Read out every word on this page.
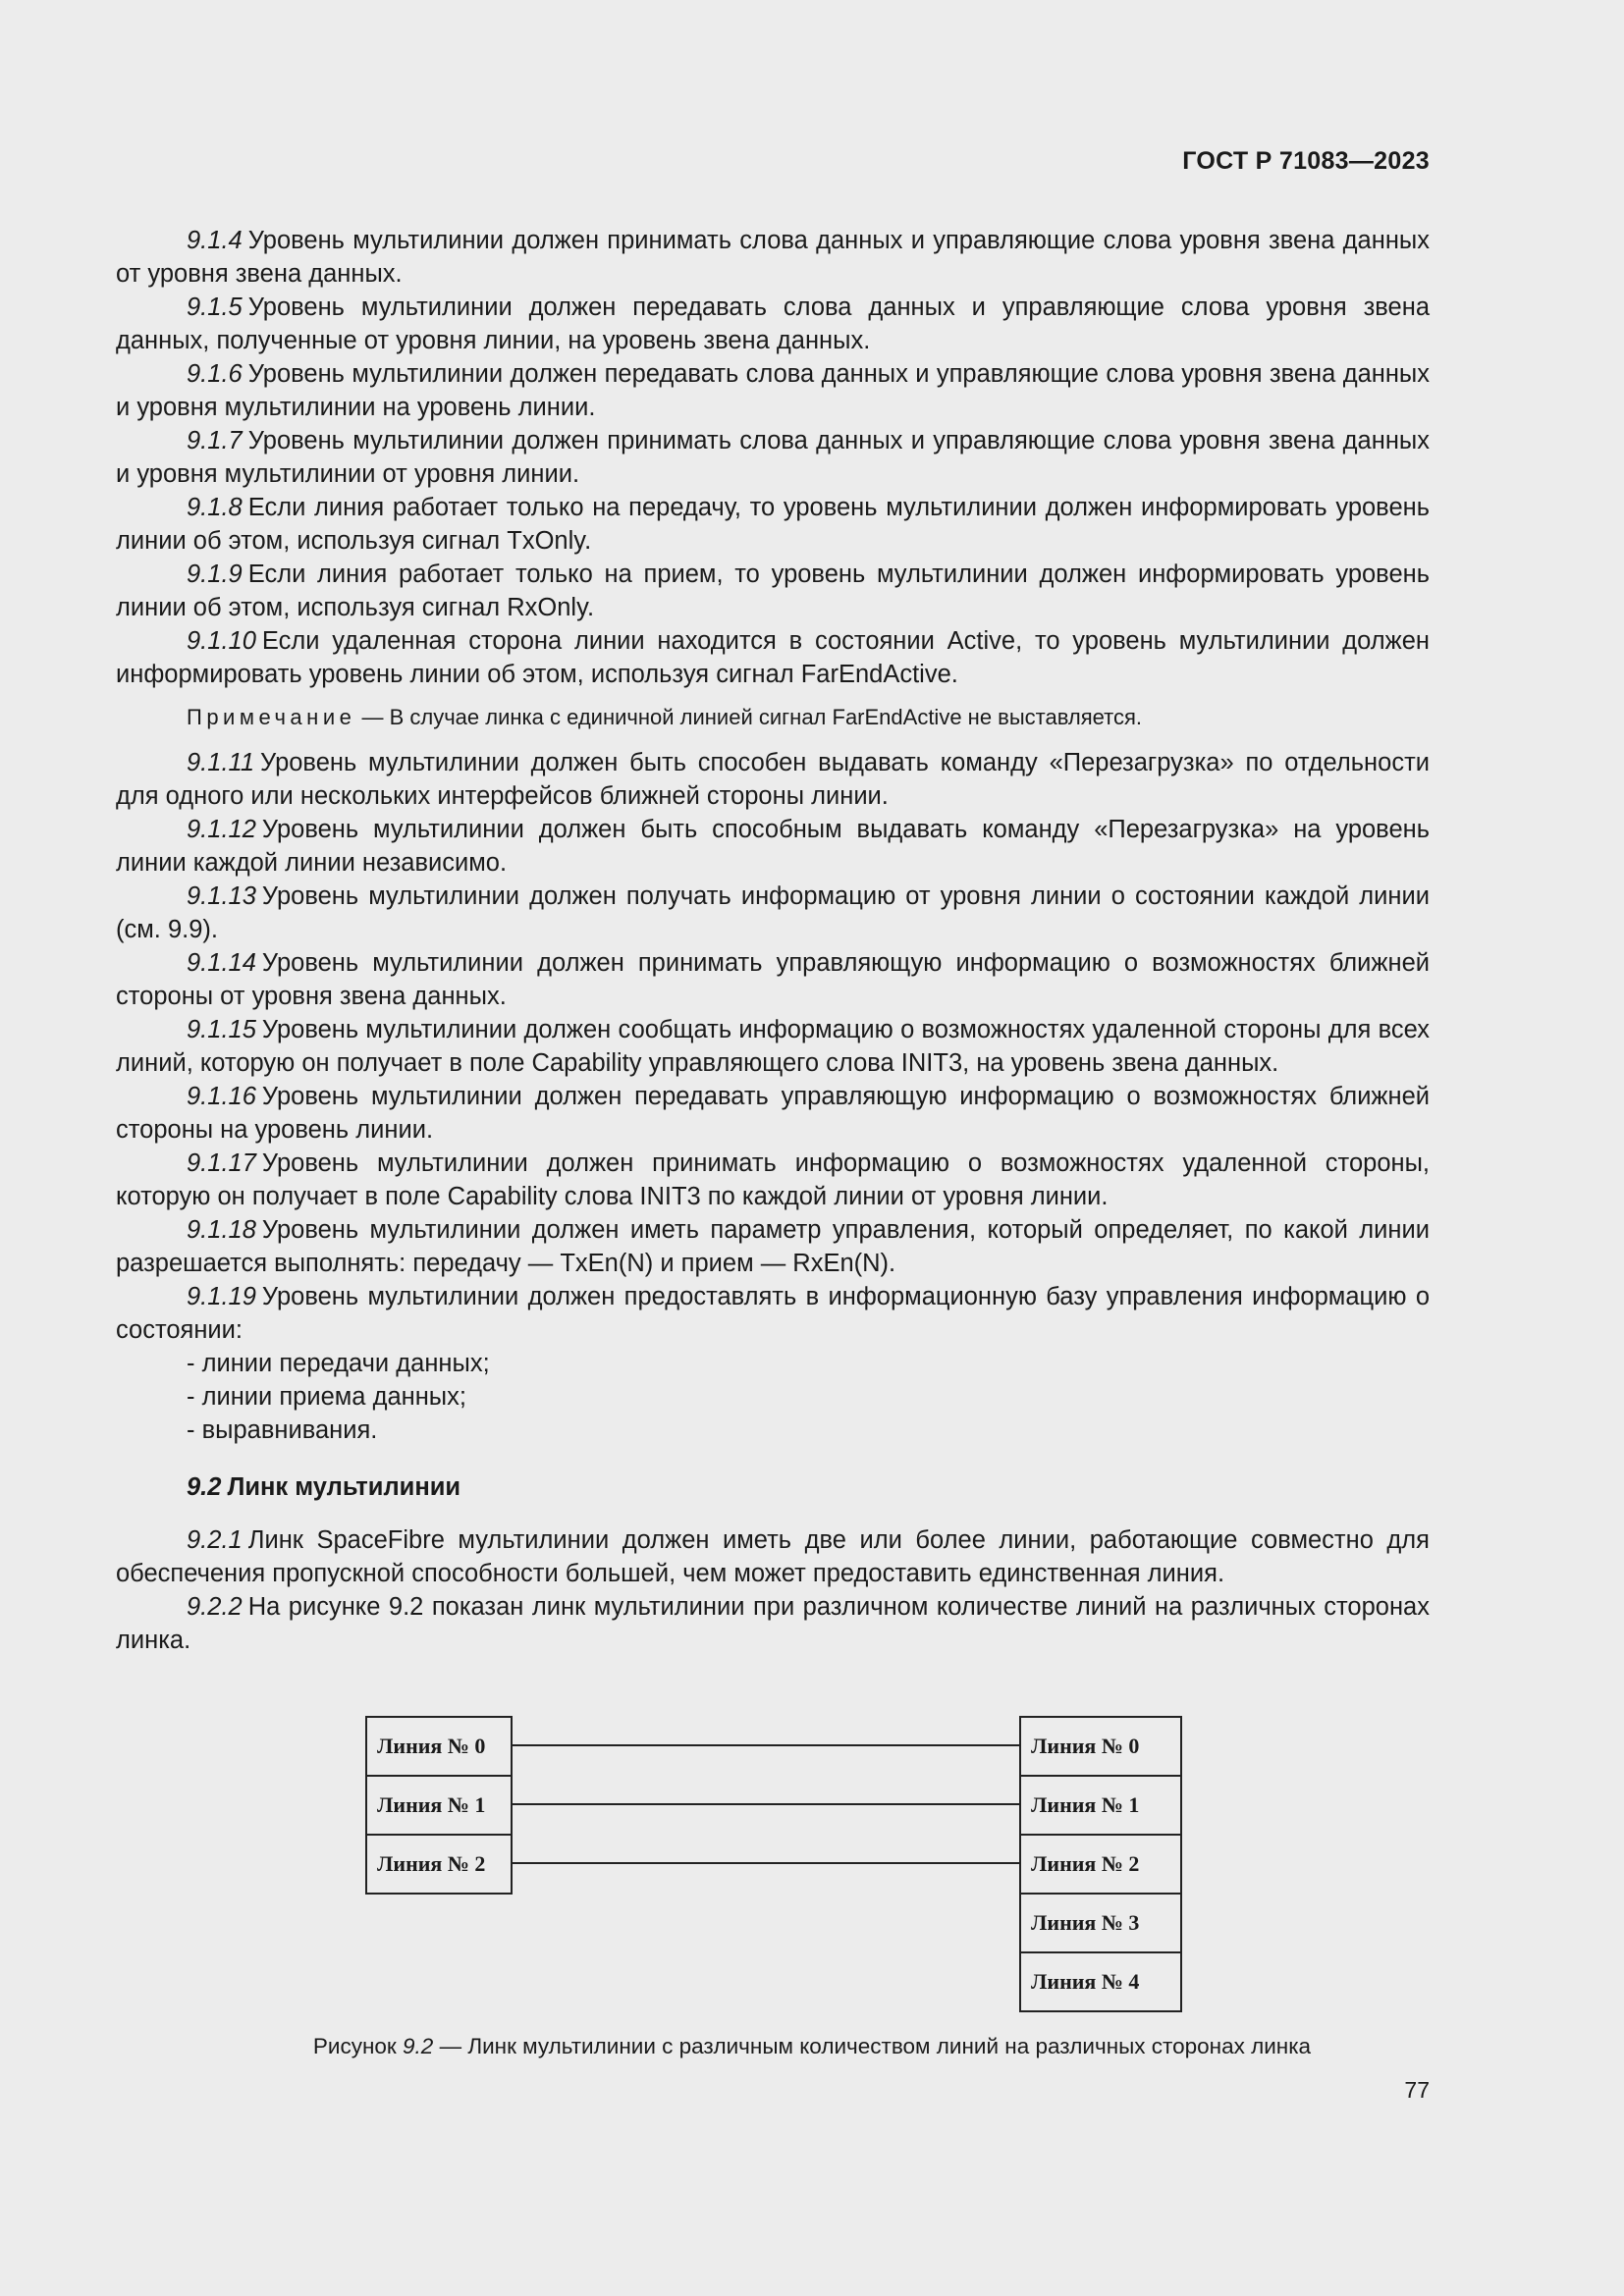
ГОСТ Р 71083—2023

9.1.4 Уровень мультилинии должен принимать слова данных и управляющие слова уровня звена данных от уровня звена данных.

9.1.5 Уровень мультилинии должен передавать слова данных и управляющие слова уровня звена данных, полученные от уровня линии, на уровень звена данных.

9.1.6 Уровень мультилинии должен передавать слова данных и управляющие слова уровня звена данных и уровня мультилинии на уровень линии.

9.1.7 Уровень мультилинии должен принимать слова данных и управляющие слова уровня звена данных и уровня мультилинии от уровня линии.

9.1.8 Если линия работает только на передачу, то уровень мультилинии должен информировать уровень линии об этом, используя сигнал TxOnly.

9.1.9 Если линия работает только на прием, то уровень мультилинии должен информировать уровень линии об этом, используя сигнал RxOnly.

9.1.10 Если удаленная сторона линии находится в состоянии Active, то уровень мультилинии должен информировать уровень линии об этом, используя сигнал FarEndActive.

Примечание — В случае линка с единичной линией сигнал FarEndActive не выставляется.

9.1.11 Уровень мультилинии должен быть способен выдавать команду «Перезагрузка» по отдельности для одного или нескольких интерфейсов ближней стороны линии.

9.1.12 Уровень мультилинии должен быть способным выдавать команду «Перезагрузка» на уровень линии каждой линии независимо.

9.1.13 Уровень мультилинии должен получать информацию от уровня линии о состоянии каждой линии (см. 9.9).

9.1.14 Уровень мультилинии должен принимать управляющую информацию о возможностях ближней стороны от уровня звена данных.

9.1.15 Уровень мультилинии должен сообщать информацию о возможностях удаленной стороны для всех линий, которую он получает в поле Capability управляющего слова INIT3, на уровень звена данных.

9.1.16 Уровень мультилинии должен передавать управляющую информацию о возможностях ближней стороны на уровень линии.

9.1.17 Уровень мультилинии должен принимать информацию о возможностях удаленной стороны, которую он получает в поле Capability слова INIT3 по каждой линии от уровня линии.

9.1.18 Уровень мультилинии должен иметь параметр управления, который определяет, по какой линии разрешается выполнять: передачу — TxEn(N) и прием — RxEn(N).

9.1.19 Уровень мультилинии должен предоставлять в информационную базу управления информацию о состоянии:

- линии передачи данных;

- линии приема данных;

- выравнивания.

9.2 Линк мультилинии

9.2.1 Линк SpaceFibre мультилинии должен иметь две или более линии, работающие совместно для обеспечения пропускной способности большей, чем может предоставить единственная линия.

9.2.2 На рисунке 9.2 показан линк мультилинии при различном количестве линий на различных сторонах линка.

Линия № 0
Линия № 1
Линия № 2
Линия № 0
Линия № 1
Линия № 2
Линия № 3
Линия № 4
Рисунок 9.2 — Линк мультилинии с различным количеством линий на различных сторонах линка
77
